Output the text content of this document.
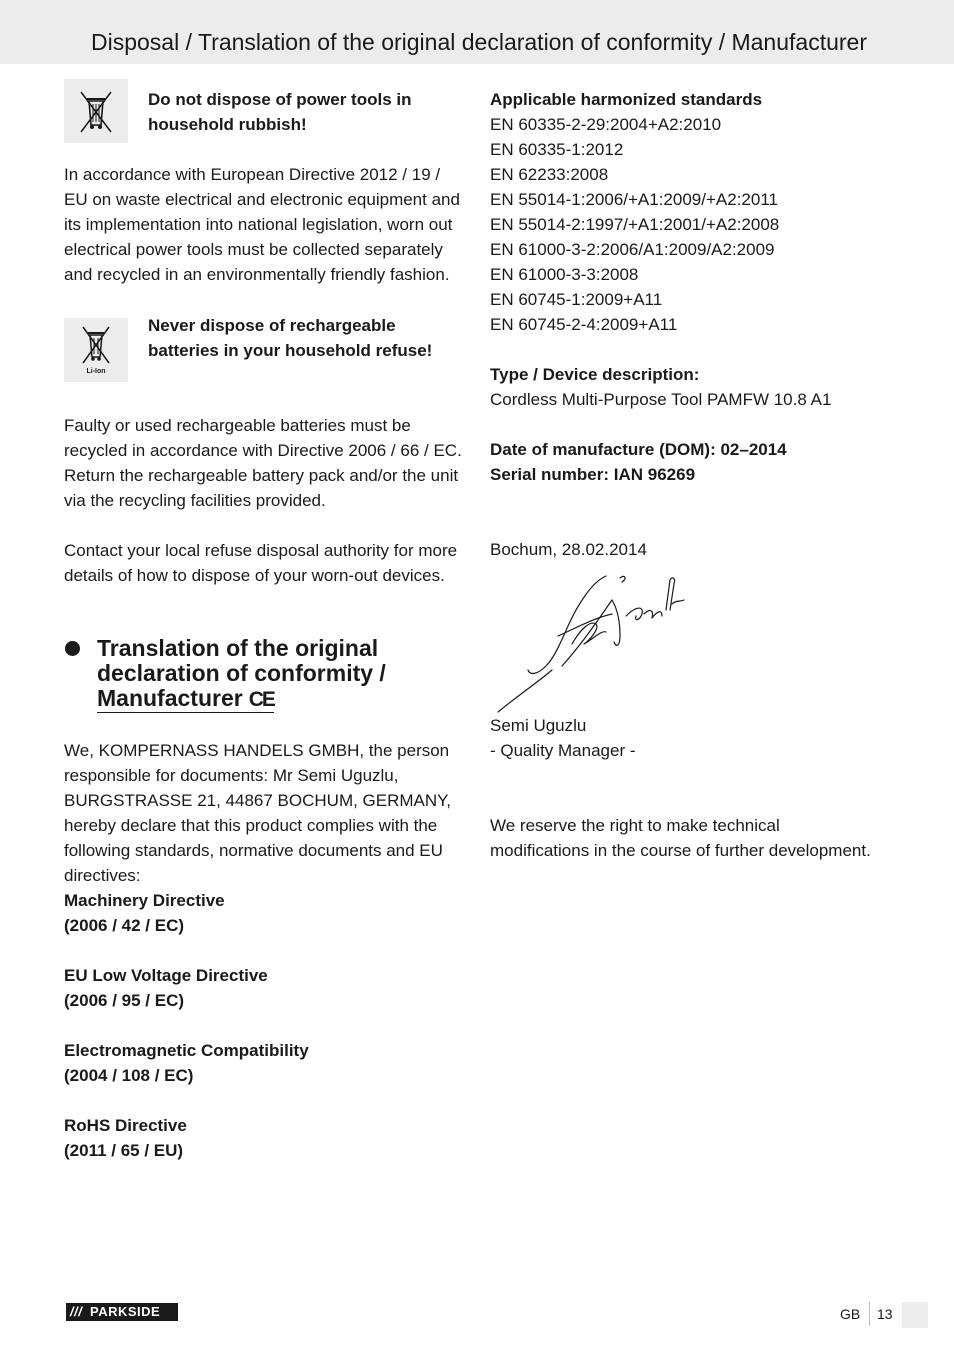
Disposal / Translation of the original declaration of conformity / Manufacturer
Do not dispose of power tools in household rubbish!
In accordance with European Directive 2012 / 19 / EU on waste electrical and electronic equipment and its implementation into national legislation, worn out electrical power tools must be collected separately and recycled in an environmentally friendly fashion.
Li-Ion
Never dispose of rechargeable batteries in your household refuse!
Faulty or used rechargeable batteries must be recycled in accordance with Directive 2006 / 66 / EC. Return the rechargeable battery pack and/or the unit via the recycling facilities provided.
Contact your local refuse disposal authority for more details of how to dispose of your worn-out devices.
Translation of the original
declaration of conformity /
Manufacturer CE
We, KOMPERNASS HANDELS GMBH, the person responsible for documents: Mr Semi Uguzlu, BURGSTRASSE 21, 44867 BOCHUM, GERMANY, hereby declare that this product complies with the following standards, normative documents and EU directives:
Machinery Directive
(2006 / 42 / EC)
EU Low Voltage Directive
(2006 / 95 / EC)
Electromagnetic Compatibility
(2004 / 108 / EC)
RoHS Directive
(2011 / 65 / EU)
Applicable harmonized standards
EN 60335-2-29:2004+A2:2010
EN 60335-1:2012
EN 62233:2008
EN 55014-1:2006/+A1:2009/+A2:2011
EN 55014-2:1997/+A1:2001/+A2:2008
EN 61000-3-2:2006/A1:2009/A2:2009
EN 61000-3-3:2008
EN 60745-1:2009+A11
EN 60745-2-4:2009+A11
Type / Device description:
Cordless Multi-Purpose Tool PAMFW 10.8 A1
Date of manufacture (DOM): 02–2014
Serial number: IAN 96269
Bochum, 28.02.2014
Semi Uguzlu
- Quality Manager -
We reserve the right to make technical modifications in the course of further development.
/// PARKSIDE	GB 13
